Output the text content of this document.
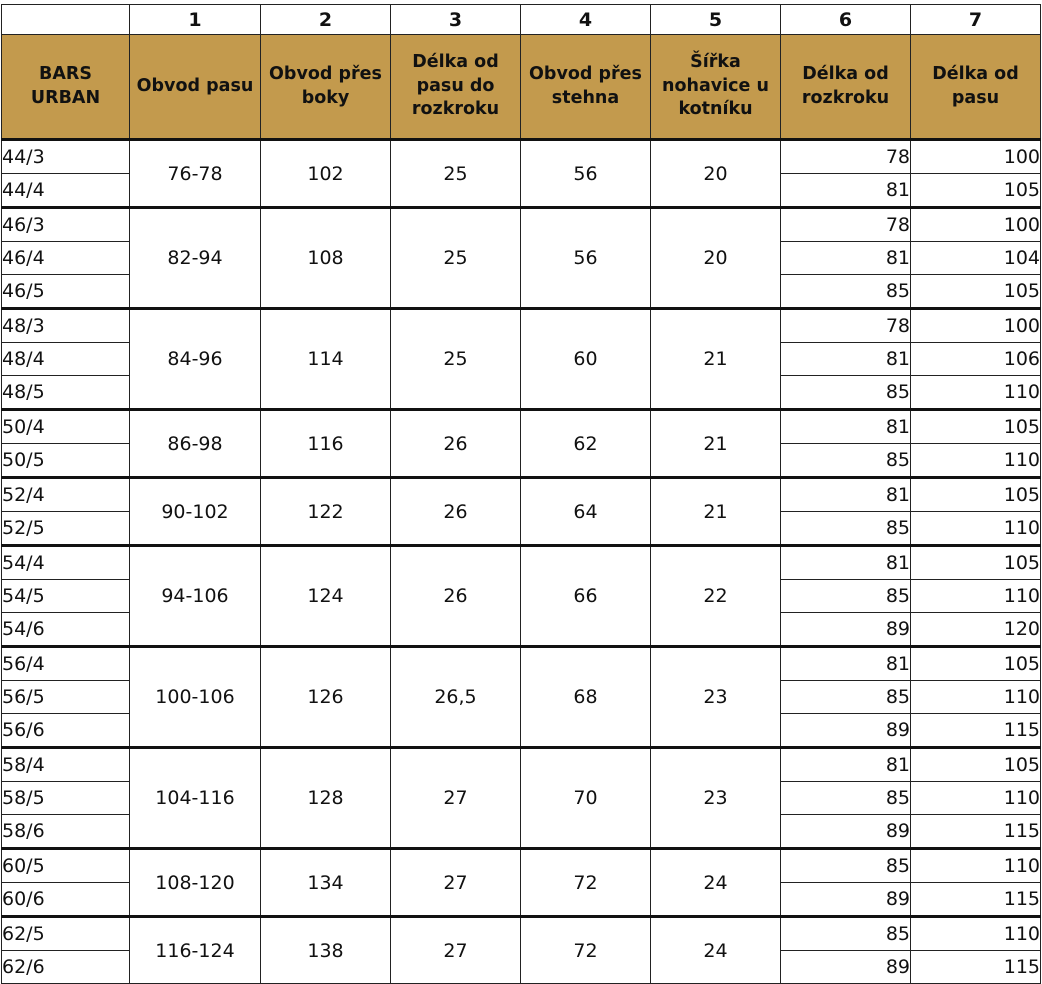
	1	2	3	4	5	6	7
BARS URBAN	Obvod pasu	Obvod přes boky	Délka od pasu do rozkroku	Obvod přes stehna	Šířka nohavice u kotníku	Délka od rozkroku	Délka od pasu
44/3	76-78	102	25	56	20	78	100
44/4						81	105
46/3	82-94	108	25	56	20	78	100
46/4						81	104
46/5						85	105
48/3	84-96	114	25	60	21	78	100
48/4						81	106
48/5						85	110
50/4	86-98	116	26	62	21	81	105
50/5						85	110
52/4	90-102	122	26	64	21	81	105
52/5						85	110
54/4	94-106	124	26	66	22	81	105
54/5						85	110
54/6						89	120
56/4	100-106	126	26,5	68	23	81	105
56/5						85	110
56/6						89	115
58/4	104-116	128	27	70	23	81	105
58/5						85	110
58/6						89	115
60/5	108-120	134	27	72	24	85	110
60/6						89	115
62/5	116-124	138	27	72	24	85	110
62/6						89	115
